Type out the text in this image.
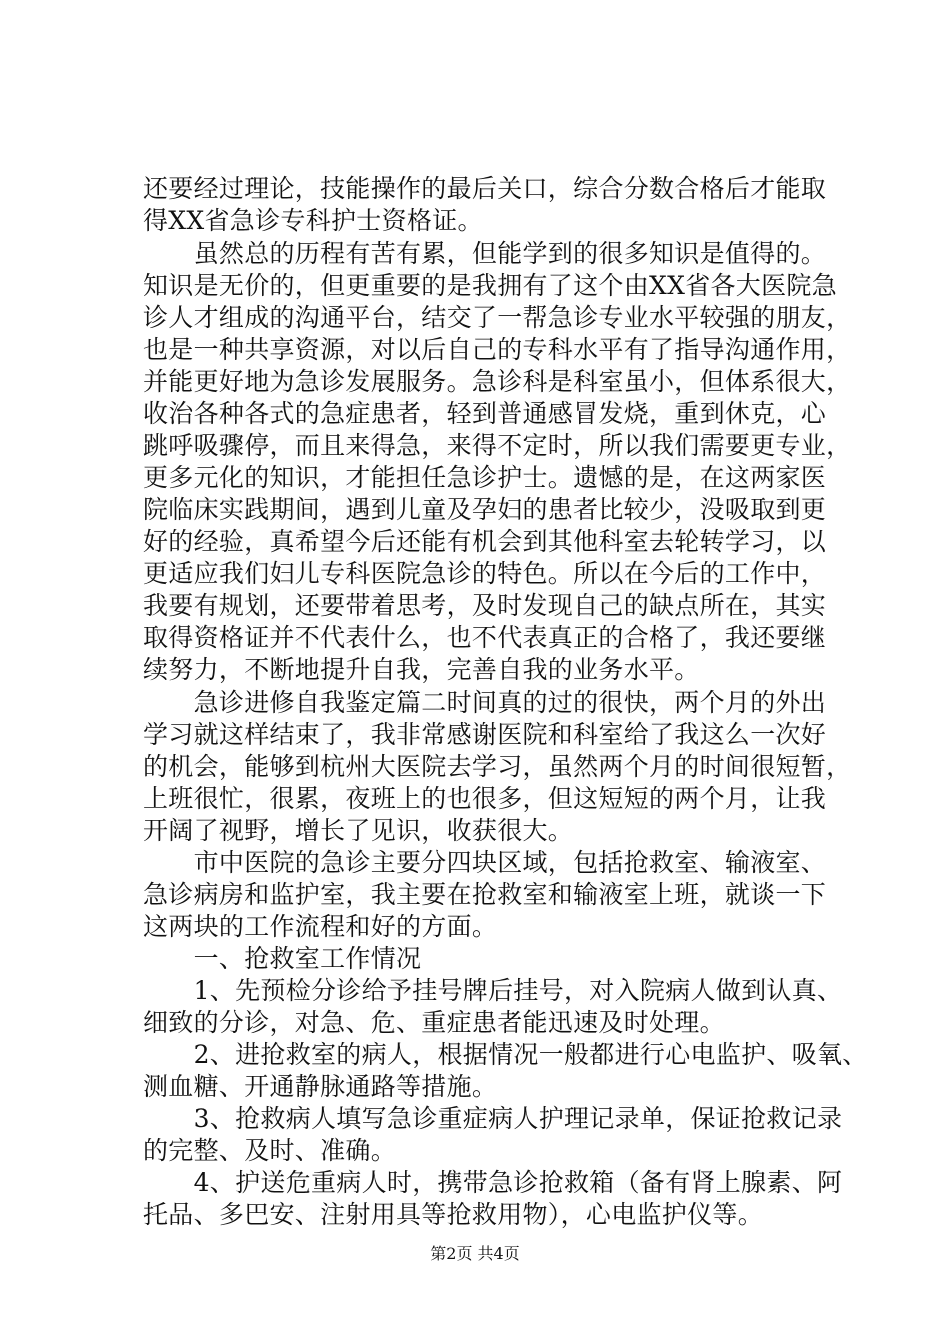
还要经过理论，技能操作的最后关口，综合分数合格后才能取
得XX省急诊专科护士资格证。
　　虽然总的历程有苦有累，但能学到的很多知识是值得的。
知识是无价的，但更重要的是我拥有了这个由XX省各大医院急
诊人才组成的沟通平台，结交了一帮急诊专业水平较强的朋友，
也是一种共享资源，对以后自己的专科水平有了指导沟通作用，
并能更好地为急诊发展服务。急诊科是科室虽小，但体系很大，
收治各种各式的急症患者，轻到普通感冒发烧，重到休克，心
跳呼吸骤停，而且来得急，来得不定时，所以我们需要更专业，
更多元化的知识，才能担任急诊护士。遗憾的是，在这两家医
院临床实践期间，遇到儿童及孕妇的患者比较少，没吸取到更
好的经验，真希望今后还能有机会到其他科室去轮转学习，以
更适应我们妇儿专科医院急诊的特色。所以在今后的工作中，
我要有规划，还要带着思考，及时发现自己的缺点所在，其实
取得资格证并不代表什么，也不代表真正的合格了，我还要继
续努力，不断地提升自我，完善自我的业务水平。
　　急诊进修自我鉴定篇二时间真的过的很快，两个月的外出
学习就这样结束了，我非常感谢医院和科室给了我这么一次好
的机会，能够到杭州大医院去学习，虽然两个月的时间很短暂，
上班很忙，很累，夜班上的也很多，但这短短的两个月，让我
开阔了视野，增长了见识，收获很大。
　　市中医院的急诊主要分四块区域，包括抢救室、输液室、
急诊病房和监护室，我主要在抢救室和输液室上班，就谈一下
这两块的工作流程和好的方面。
　　一、抢救室工作情况
　　1、先预检分诊给予挂号牌后挂号，对入院病人做到认真、
细致的分诊，对急、危、重症患者能迅速及时处理。
　　2、进抢救室的病人，根据情况一般都进行心电监护、吸氧、
测血糖、开通静脉通路等措施。
　　3、抢救病人填写急诊重症病人护理记录单，保证抢救记录
的完整、及时、准确。
　　4、护送危重病人时，携带急诊抢救箱（备有肾上腺素、阿
托品、多巴安、注射用具等抢救用物），心电监护仪等。
第2页 共4页
